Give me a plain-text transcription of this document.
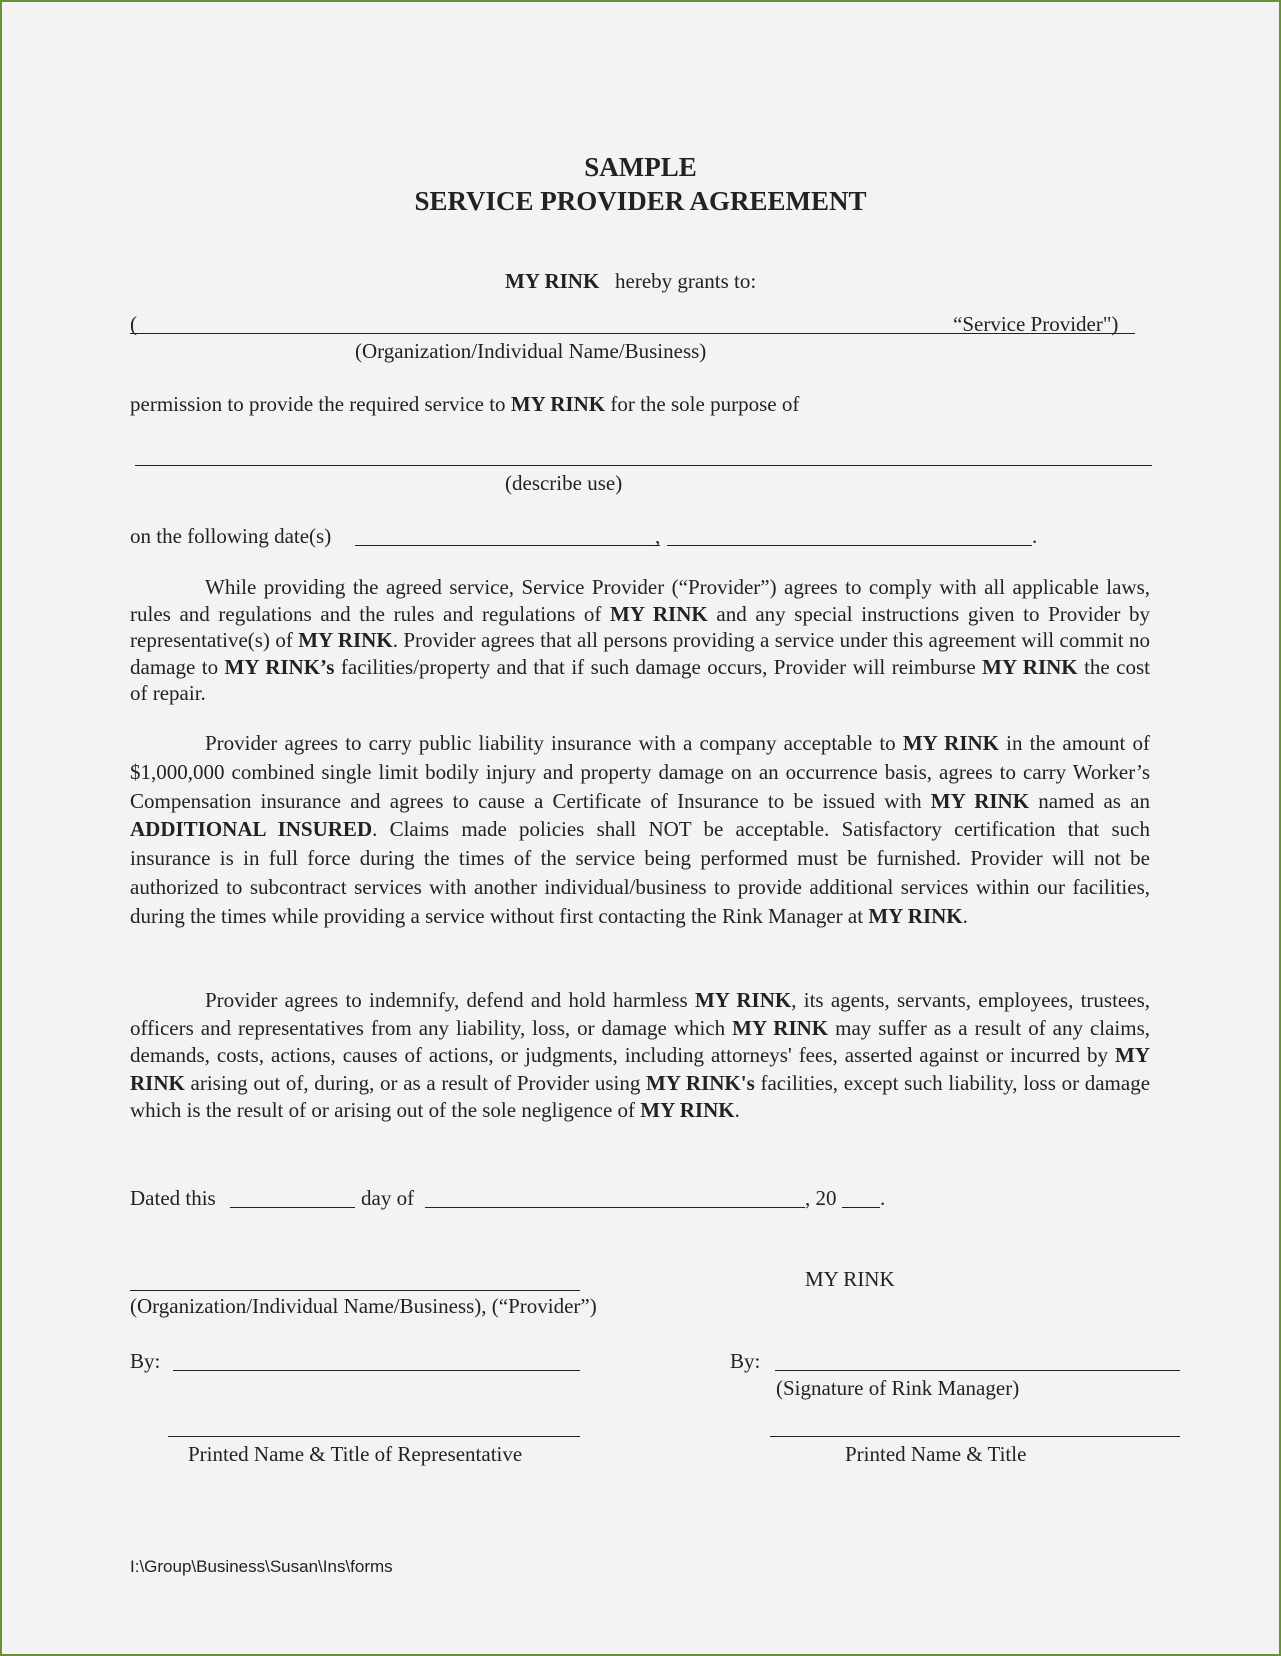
SAMPLE
SERVICE PROVIDER AGREEMENT
MY RINK hereby grants to:
(	“Service Provider")
(Organization/Individual Name/Business)
permission to provide the required service to MY RINK for the sole purpose of
(describe use)
on the following date(s)	,	.

While providing the agreed service, Service Provider (“Provider”) agrees to comply with all applicable laws, rules and regulations and the rules and regulations of MY RINK and any special instructions given to Provider by representative(s) of MY RINK. Provider agrees that all persons providing a service under this agreement will commit no damage to MY RINK’s facilities/property and that if such damage occurs, Provider will reimburse MY RINK the cost of repair.

Provider agrees to carry public liability insurance with a company acceptable to MY RINK in the amount of $1,000,000 combined single limit bodily injury and property damage on an occurrence basis, agrees to carry Worker’s Compensation insurance and agrees to cause a Certificate of Insurance to be issued with MY RINK named as an ADDITIONAL INSURED. Claims made policies shall NOT be acceptable. Satisfactory certification that such insurance is in full force during the times of the service being performed must be furnished. Provider will not be authorized to subcontract services with another individual/business to provide additional services within our facilities, during the times while providing a service without first contacting the Rink Manager at MY RINK.

Provider agrees to indemnify, defend and hold harmless MY RINK, its agents, servants, employees, trustees, officers and representatives from any liability, loss, or damage which MY RINK may suffer as a result of any claims, demands, costs, actions, causes of actions, or judgments, including attorneys' fees, asserted against or incurred by MY RINK arising out of, during, or as a result of Provider using MY RINK's facilities, except such liability, loss or damage which is the result of or arising out of the sole negligence of MY RINK.

Dated this	day of	, 20 .
MY RINK
(Organization/Individual Name/Business), (“Provider”)
By:	By:
(Signature of Rink Manager)
Printed Name & Title of Representative	Printed Name & Title
I:\Group\Business\Susan\Ins\forms
